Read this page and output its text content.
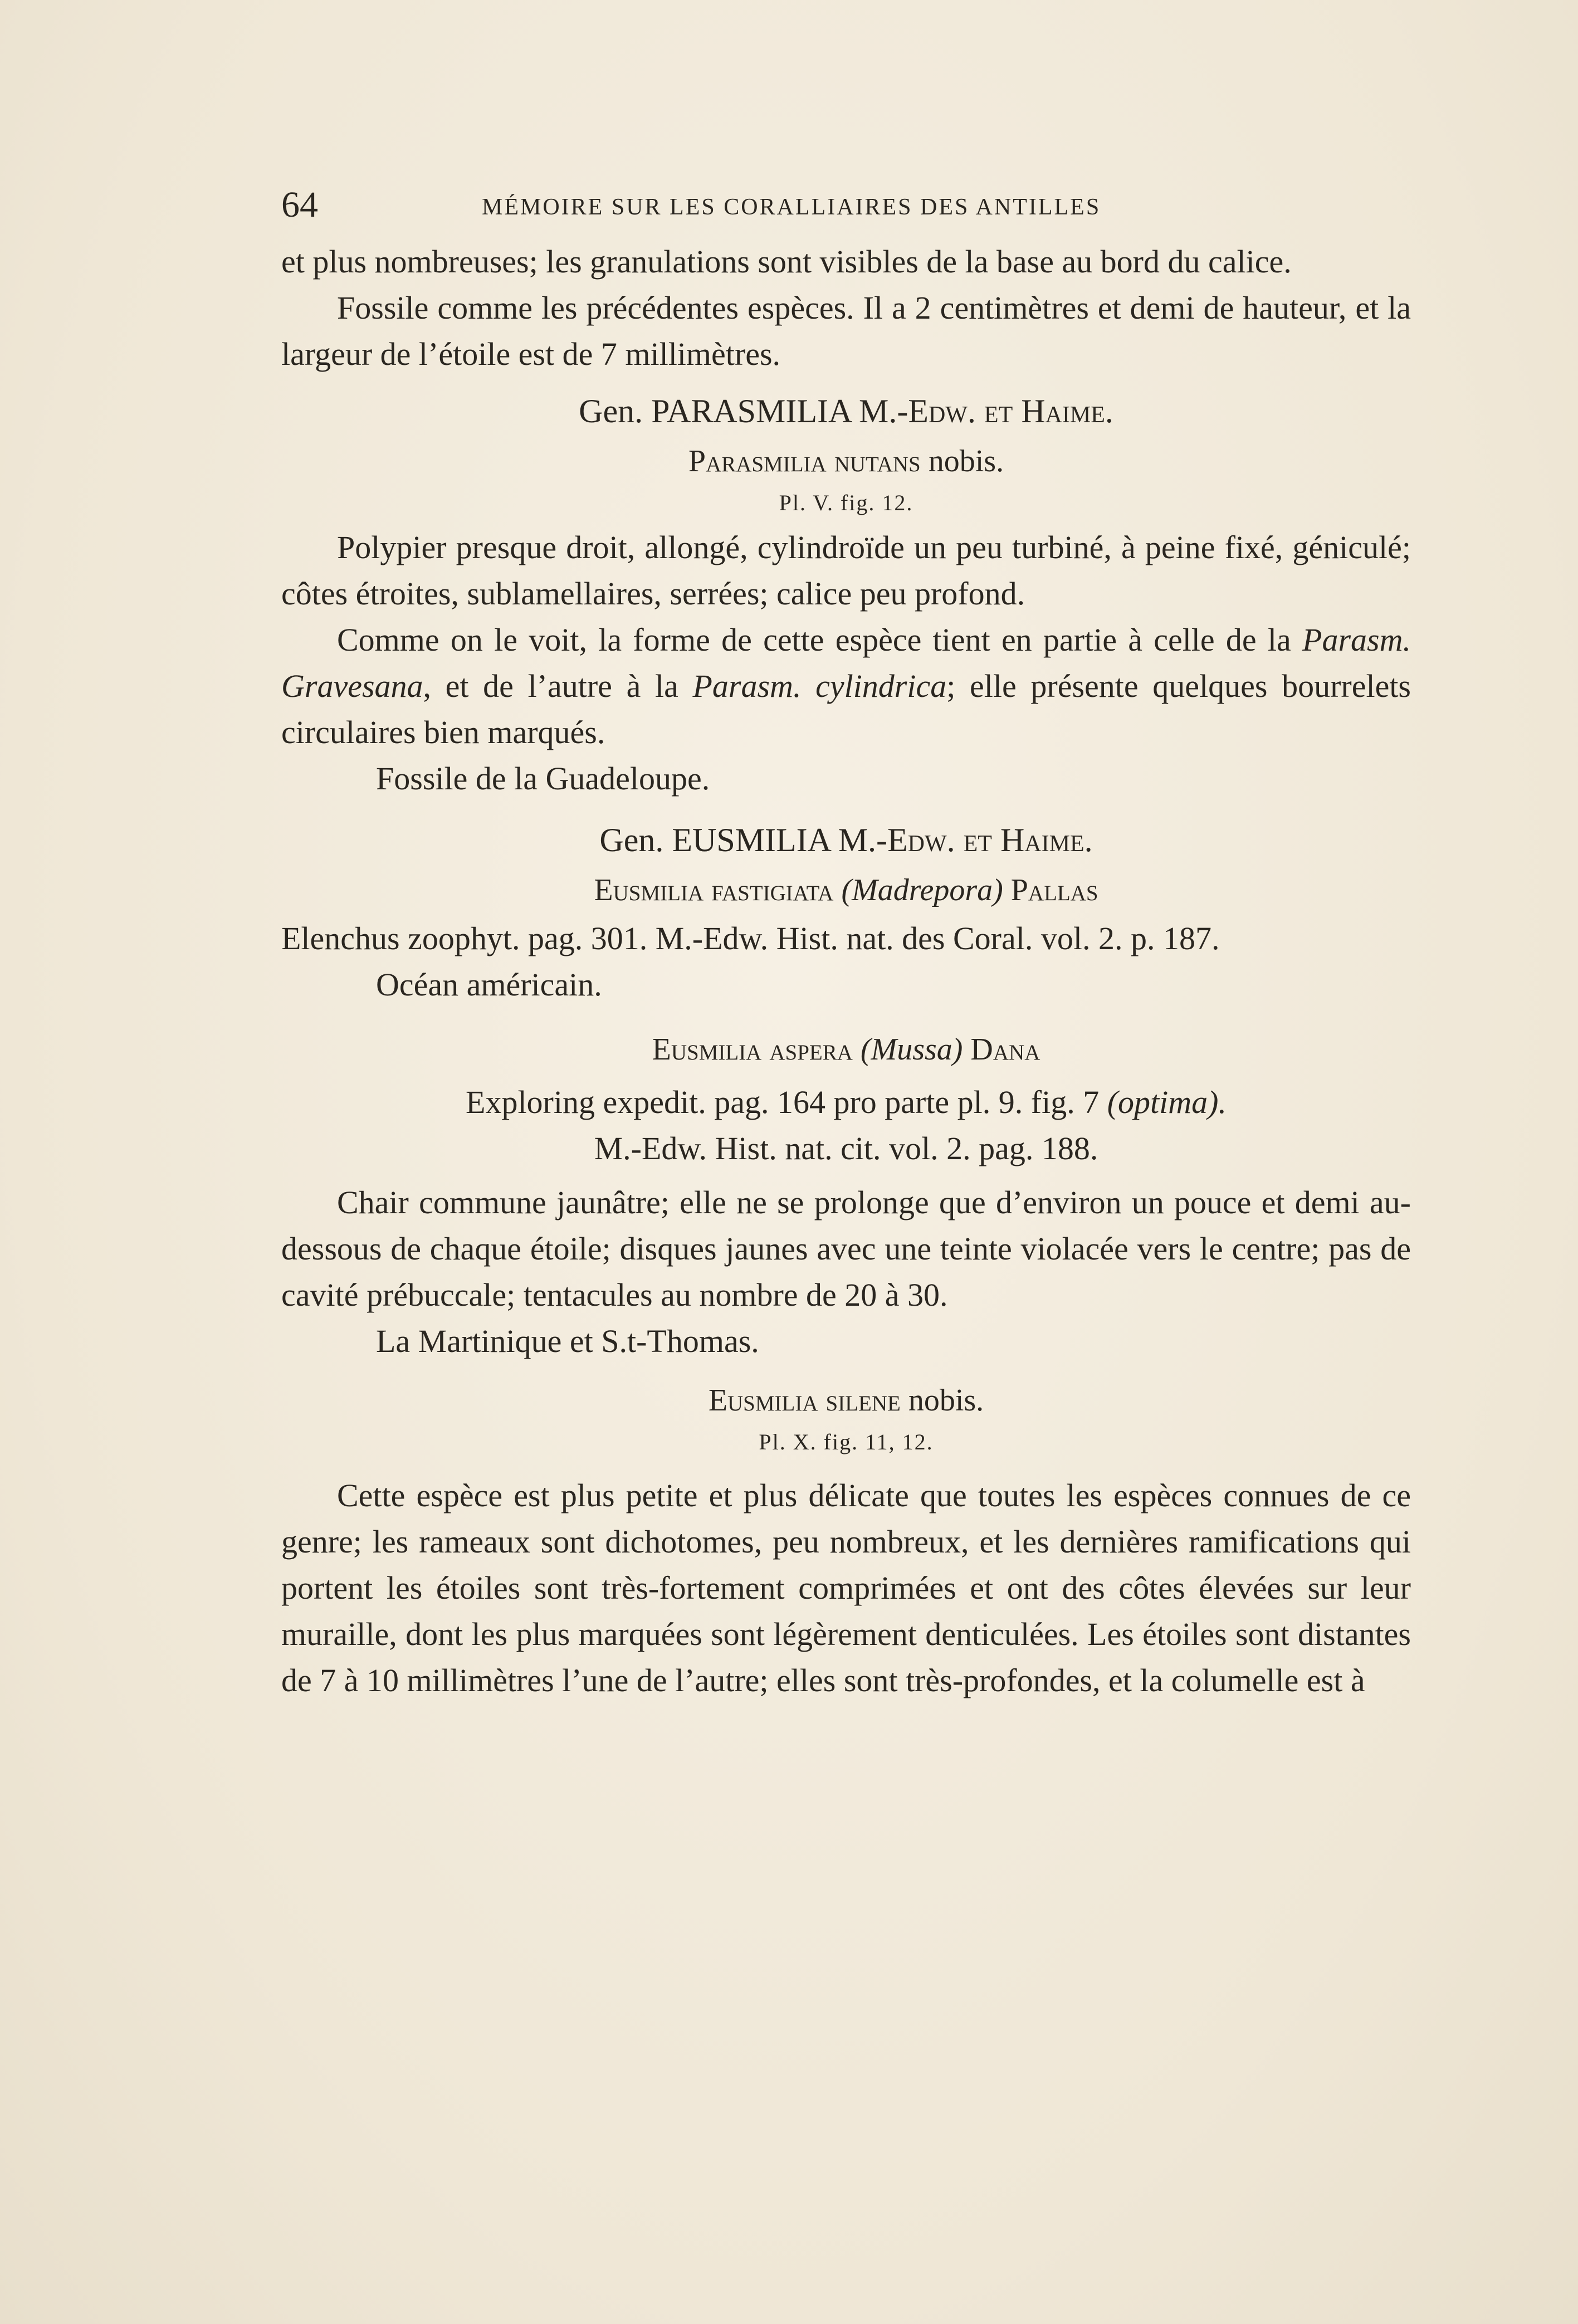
64	MÉMOIRE SUR LES CORALLIAIRES DES ANTILLES

et plus nombreuses; les granulations sont visibles de la base au bord du calice.

Fossile comme les précédentes espèces. Il a 2 centimètres et demi de hauteur, et la largeur de l’étoile est de 7 millimètres.

Gen. PARASMILIA M.-Edw. et Haime.
Parasmilia nutans nobis.
Pl. V. fig. 12.

Polypier presque droit, allongé, cylindroïde un peu turbiné, à peine fixé, géniculé; côtes étroites, sublamellaires, serrées; calice peu profond.

Comme on le voit, la forme de cette espèce tient en partie à celle de la Parasm. Gravesana, et de l’autre à la Parasm. cylindrica; elle présente quelques bourrelets circulaires bien marqués.

Fossile de la Guadeloupe.

Gen. EUSMILIA M.-Edw. et Haime.
Eusmilia fastigiata (Madrepora) Pallas

Elenchus zoophyt. pag. 301. M.-Edw. Hist. nat. des Coral. vol. 2. p. 187.

Océan américain.

Eusmilia aspera (Mussa) Dana

Exploring expedit. pag. 164 pro parte pl. 9. fig. 7 (optima).

M.-Edw. Hist. nat. cit. vol. 2. pag. 188.

Chair commune jaunâtre; elle ne se prolonge que d’environ un pouce et demi au-dessous de chaque étoile; disques jaunes avec une teinte violacée vers le centre; pas de cavité prébuccale; tentacules au nombre de 20 à 30.

La Martinique et S.t-Thomas.

Eusmilia silene nobis.
Pl. X. fig. 11, 12.

Cette espèce est plus petite et plus délicate que toutes les espèces connues de ce genre; les rameaux sont dichotomes, peu nombreux, et les dernières ramifications qui portent les étoiles sont très-fortement comprimées et ont des côtes élevées sur leur muraille, dont les plus marquées sont légèrement denticulées. Les étoiles sont distantes de 7 à 10 millimètres l’une de l’autre; elles sont très-profondes, et la columelle est à
